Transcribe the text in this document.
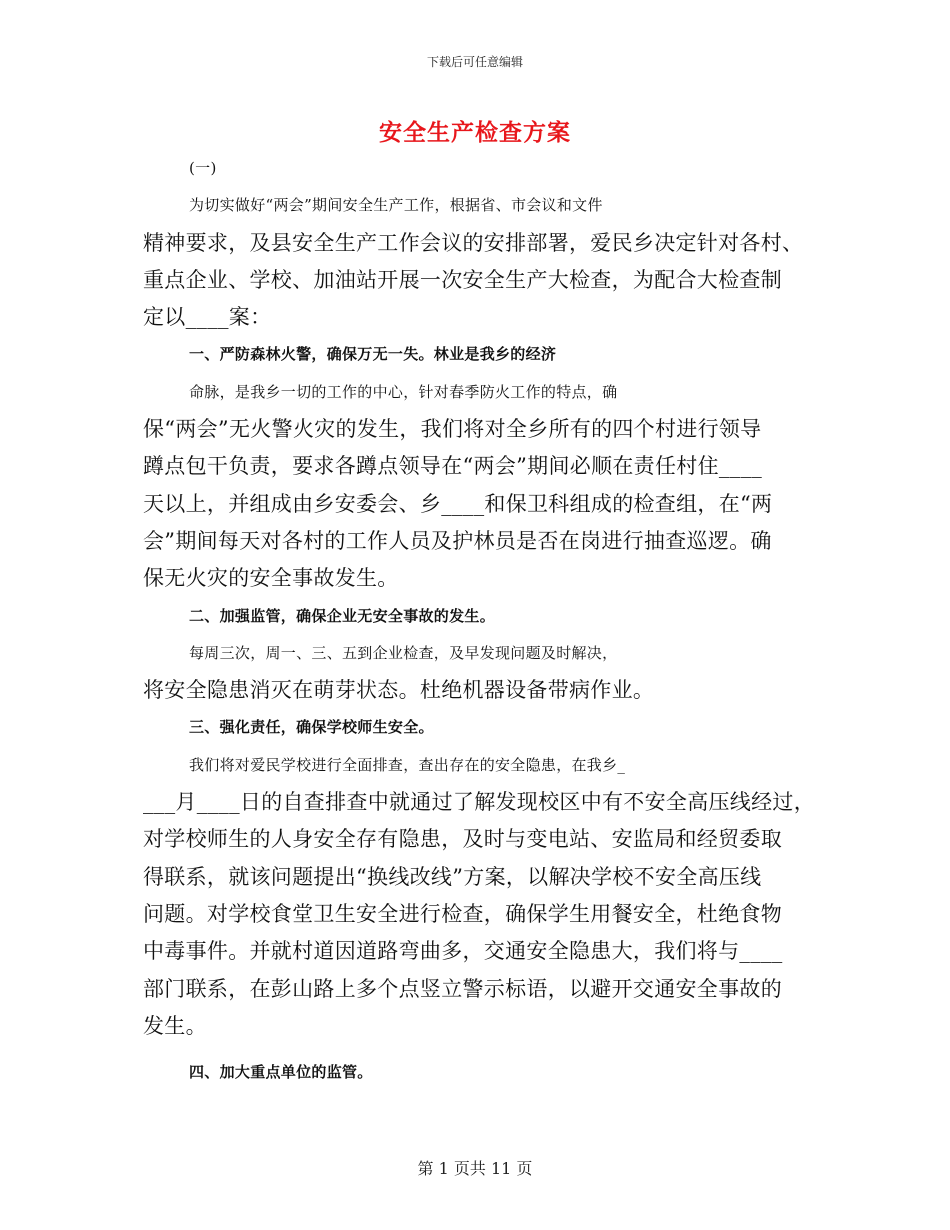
下载后可任意编辑
安全生产检查方案
(一)
为切实做好“两会”期间安全生产工作，根据省、市会议和文件
精神要求，及县安全生产工作会议的安排部署，爱民乡决定针对各村、
重点企业、学校、加油站开展一次安全生产大检查，为配合大检查制
定以____案：
一、严防森林火警，确保万无一失。林业是我乡的经济
命脉，是我乡一切的工作的中心，针对春季防火工作的特点，确
保“两会”无火警火灾的发生，我们将对全乡所有的四个村进行领导
蹲点包干负责，要求各蹲点领导在“两会”期间必顺在责任村住____
天以上，并组成由乡安委会、乡____和保卫科组成的检查组，在“两
会”期间每天对各村的工作人员及护林员是否在岗进行抽查巡逻。确
保无火灾的安全事故发生。
二、加强监管，确保企业无安全事故的发生。
每周三次，周一、三、五到企业检查，及早发现问题及时解决，
将安全隐患消灭在萌芽状态。杜绝机器设备带病作业。
三、强化责任，确保学校师生安全。
我们将对爱民学校进行全面排查，查出存在的安全隐患，在我乡_
___月____日的自查排查中就通过了解发现校区中有不安全高压线经过，
对学校师生的人身安全存有隐患，及时与变电站、安监局和经贸委取
得联系，就该问题提出“换线改线”方案，以解决学校不安全高压线
问题。对学校食堂卫生安全进行检查，确保学生用餐安全，杜绝食物
中毒事件。并就村道因道路弯曲多，交通安全隐患大，我们将与____
部门联系，在彭山路上多个点竖立警示标语，以避开交通安全事故的
发生。
四、加大重点单位的监管。
第 1 页共 11 页
